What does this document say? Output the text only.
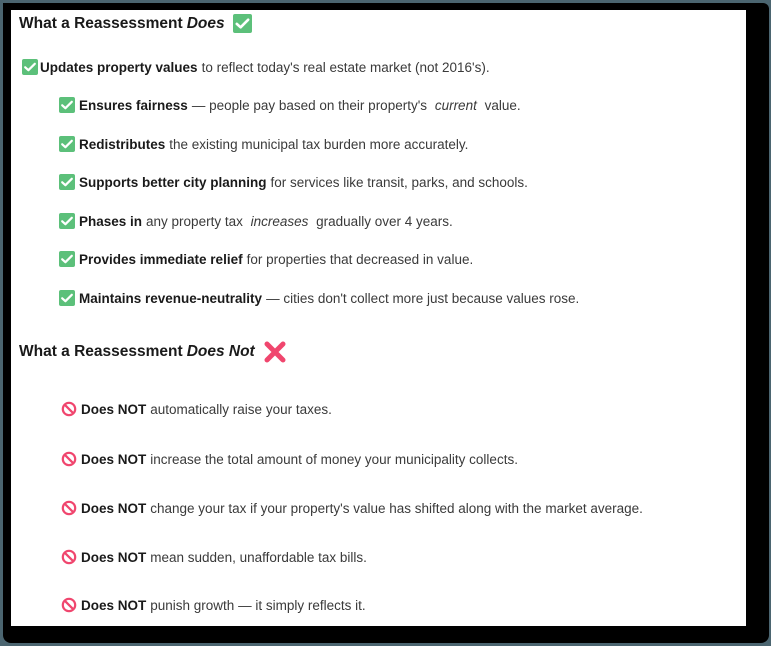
What a Reassessment Does
Updates property values to reflect today's real estate market (not 2016's).
Ensures fairness — people pay based on their property's current value.
Redistributes the existing municipal tax burden more accurately.
Supports better city planning for services like transit, parks, and schools.
Phases in any property tax increases gradually over 4 years.
Provides immediate relief for properties that decreased in value.
Maintains revenue-neutrality — cities don't collect more just because values rose.
What a Reassessment Does Not
Does NOT automatically raise your taxes.
Does NOT increase the total amount of money your municipality collects.
Does NOT change your tax if your property's value has shifted along with the market average.
Does NOT mean sudden, unaffordable tax bills.
Does NOT punish growth — it simply reflects it.
